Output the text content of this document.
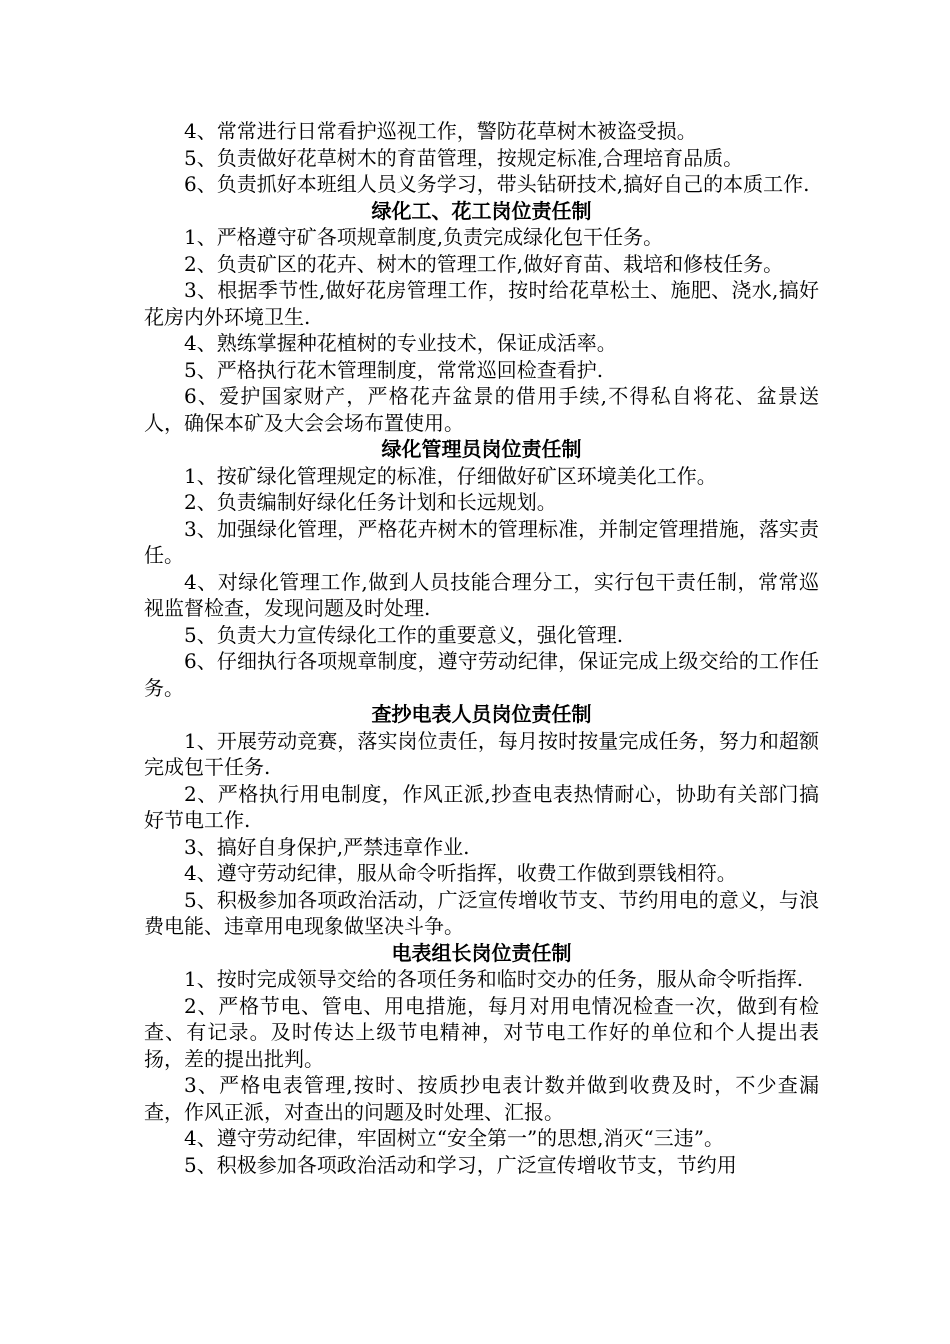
4、常常进行日常看护巡视工作，警防花草树木被盗受损。

5、负责做好花草树木的育苗管理，按规定标准,合理培育品质。

6、负责抓好本班组人员义务学习，带头钻研技术,搞好自己的本质工作.

绿化工、花工岗位责任制

1、严格遵守矿各项规章制度,负责完成绿化包干任务。

2、负责矿区的花卉、树木的管理工作,做好育苗、栽培和修枝任务。

3、根据季节性,做好花房管理工作，按时给花草松土、施肥、浇水,搞好花房内外环境卫生.

4、熟练掌握种花植树的专业技术，保证成活率。

5、严格执行花木管理制度，常常巡回检查看护.

6、爱护国家财产，严格花卉盆景的借用手续,不得私自将花、盆景送人，确保本矿及大会会场布置使用。

绿化管理员岗位责任制

1、按矿绿化管理规定的标准，仔细做好矿区环境美化工作。

2、负责编制好绿化任务计划和长远规划。

3、加强绿化管理，严格花卉树木的管理标准，并制定管理措施，落实责任。

4、对绿化管理工作,做到人员技能合理分工，实行包干责任制，常常巡视监督检查，发现问题及时处理.

5、负责大力宣传绿化工作的重要意义，强化管理.

6、仔细执行各项规章制度，遵守劳动纪律，保证完成上级交给的工作任务。

查抄电表人员岗位责任制

1、开展劳动竞赛，落实岗位责任，每月按时按量完成任务，努力和超额完成包干任务.

2、严格执行用电制度，作风正派,抄查电表热情耐心，协助有关部门搞好节电工作.

3、搞好自身保护,严禁违章作业.

4、遵守劳动纪律，服从命令听指挥，收费工作做到票钱相符。

5、积极参加各项政治活动，广泛宣传增收节支、节约用电的意义，与浪费电能、违章用电现象做坚决斗争。

电表组长岗位责任制

1、按时完成领导交给的各项任务和临时交办的任务，服从命令听指挥.

2、严格节电、管电、用电措施，每月对用电情况检查一次，做到有检查、有记录。及时传达上级节电精神，对节电工作好的单位和个人提出表扬，差的提出批判。

3、严格电表管理,按时、按质抄电表计数并做到收费及时，不少查漏查，作风正派，对查出的问题及时处理、汇报。

4、遵守劳动纪律，牢固树立“安全第一”的思想,消灭“三违”。

5、积极参加各项政治活动和学习，广泛宣传增收节支，节约用
